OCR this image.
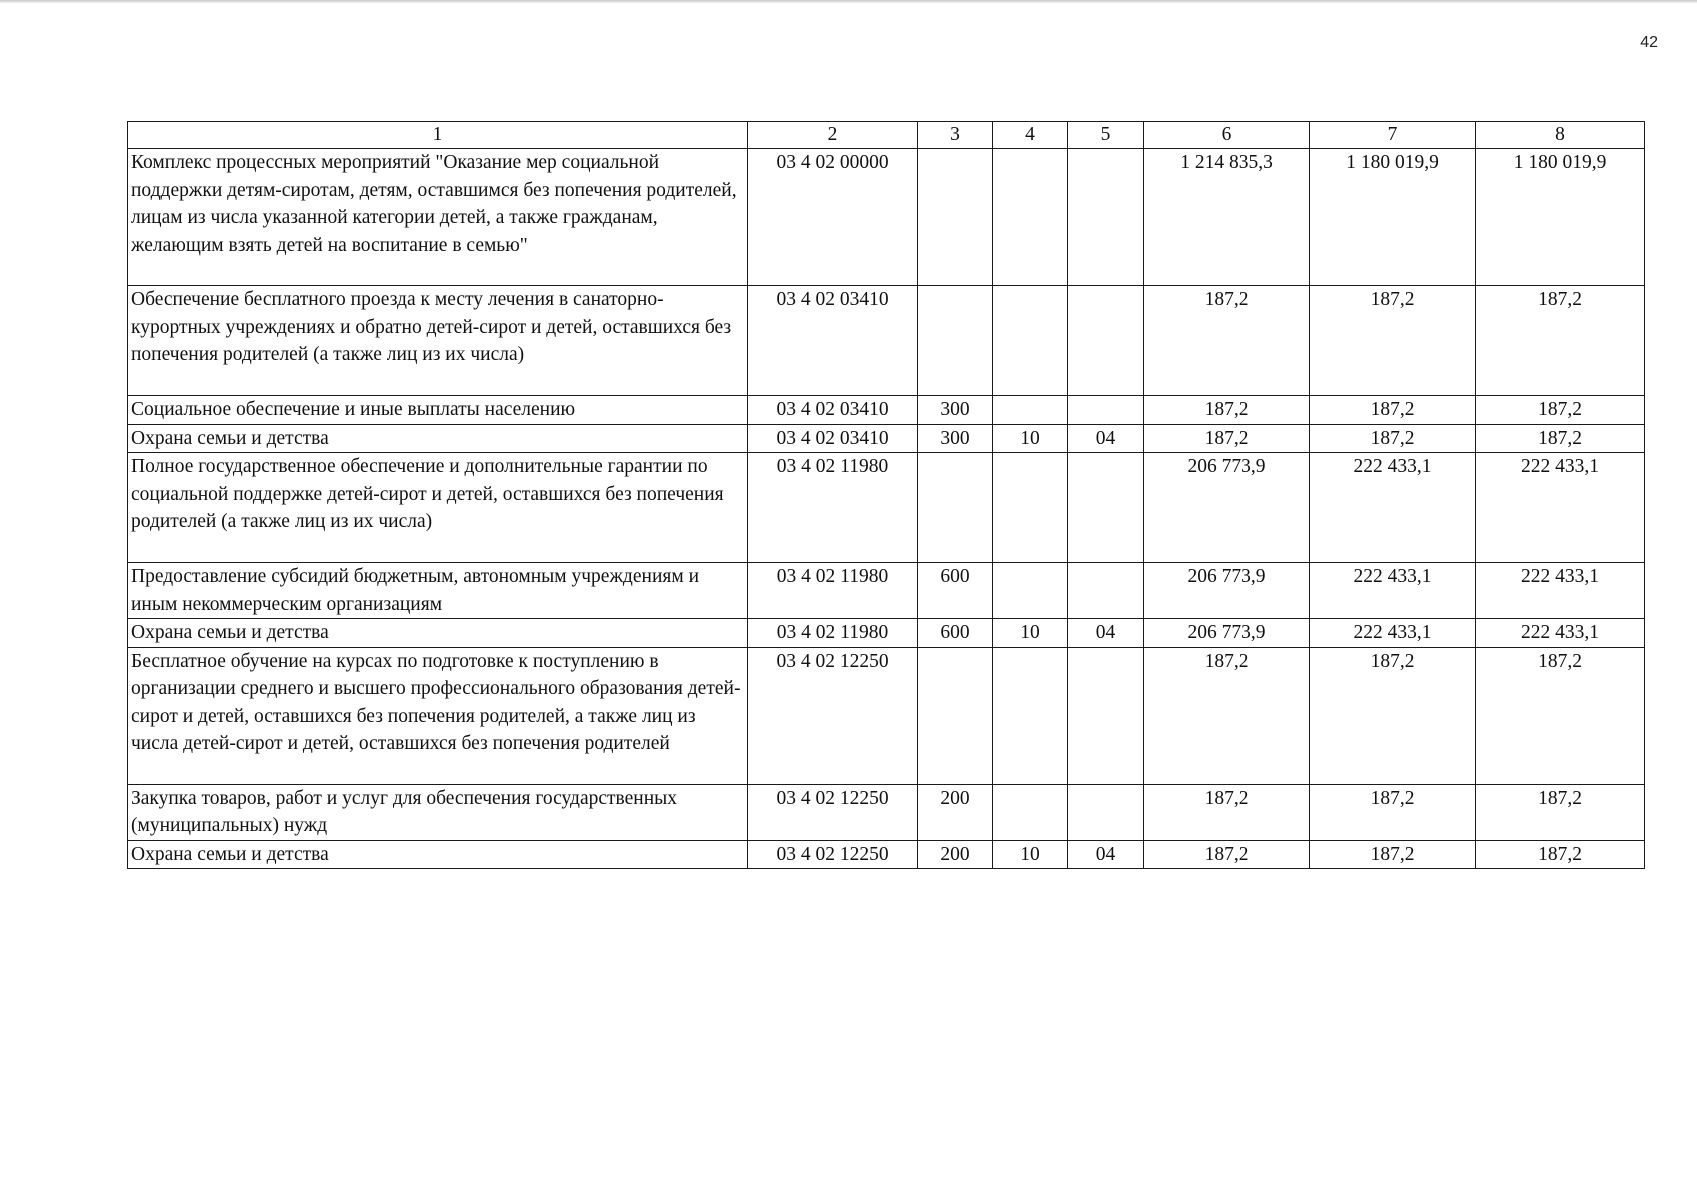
42
1	2	3	4	5	6	7	8
Комплекс процессных мероприятий "Оказание мер социальной поддержки детям-сиротам, детям, оставшимся без попечения родителей, лицам из числа указанной категории детей, а также гражданам, желающим взять детей на воспитание в семью"	03 4 02 00000				1 214 835,3	1 180 019,9	1 180 019,9
Обеспечение бесплатного проезда к месту лечения в санаторно-курортных учреждениях и обратно детей-сирот и детей, оставшихся без попечения родителей (а также лиц из их числа)	03 4 02 03410				187,2	187,2	187,2
Социальное обеспечение и иные выплаты населению	03 4 02 03410	300			187,2	187,2	187,2
Охрана семьи и детства	03 4 02 03410	300	10	04	187,2	187,2	187,2
Полное государственное обеспечение и дополнительные гарантии по социальной поддержке детей-сирот и детей, оставшихся без попечения родителей (а также лиц из их числа)	03 4 02 11980				206 773,9	222 433,1	222 433,1
Предоставление субсидий бюджетным, автономным учреждениям и иным некоммерческим организациям	03 4 02 11980	600			206 773,9	222 433,1	222 433,1
Охрана семьи и детства	03 4 02 11980	600	10	04	206 773,9	222 433,1	222 433,1
Бесплатное обучение на курсах по подготовке к поступлению в организации среднего и высшего профессионального образования детей-сирот и детей, оставшихся без попечения родителей, а также лиц из числа детей-сирот и детей, оставшихся без попечения родителей	03 4 02 12250				187,2	187,2	187,2
Закупка товаров, работ и услуг для обеспечения государственных (муниципальных) нужд	03 4 02 12250	200			187,2	187,2	187,2
Охрана семьи и детства	03 4 02 12250	200	10	04	187,2	187,2	187,2
